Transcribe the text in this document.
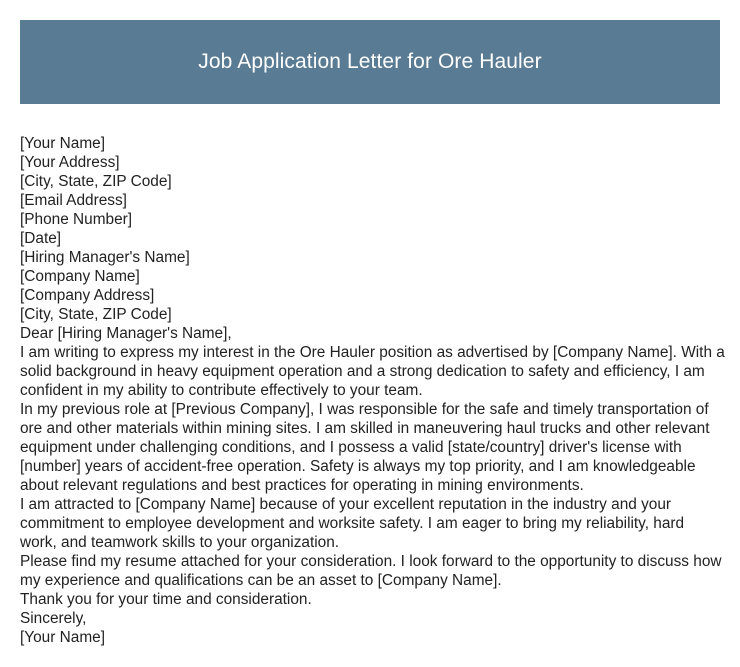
Job Application Letter for Ore Hauler
[Your Name]
[Your Address]
[City, State, ZIP Code]
[Email Address]
[Phone Number]
[Date]
[Hiring Manager's Name]
[Company Name]
[Company Address]
[City, State, ZIP Code]
Dear [Hiring Manager's Name],

I am writing to express my interest in the Ore Hauler position as advertised by [Company Name]. With a solid background in heavy equipment operation and a strong dedication to safety and efficiency, I am confident in my ability to contribute effectively to your team.

In my previous role at [Previous Company], I was responsible for the safe and timely transportation of ore and other materials within mining sites. I am skilled in maneuvering haul trucks and other relevant equipment under challenging conditions, and I possess a valid [state/country] driver's license with [number] years of accident-free operation. Safety is always my top priority, and I am knowledgeable about relevant regulations and best practices for operating in mining environments.

I am attracted to [Company Name] because of your excellent reputation in the industry and your commitment to employee development and worksite safety. I am eager to bring my reliability, hard work, and teamwork skills to your organization.

Please find my resume attached for your consideration. I look forward to the opportunity to discuss how my experience and qualifications can be an asset to [Company Name].

Thank you for your time and consideration.

Sincerely,
[Your Name]
